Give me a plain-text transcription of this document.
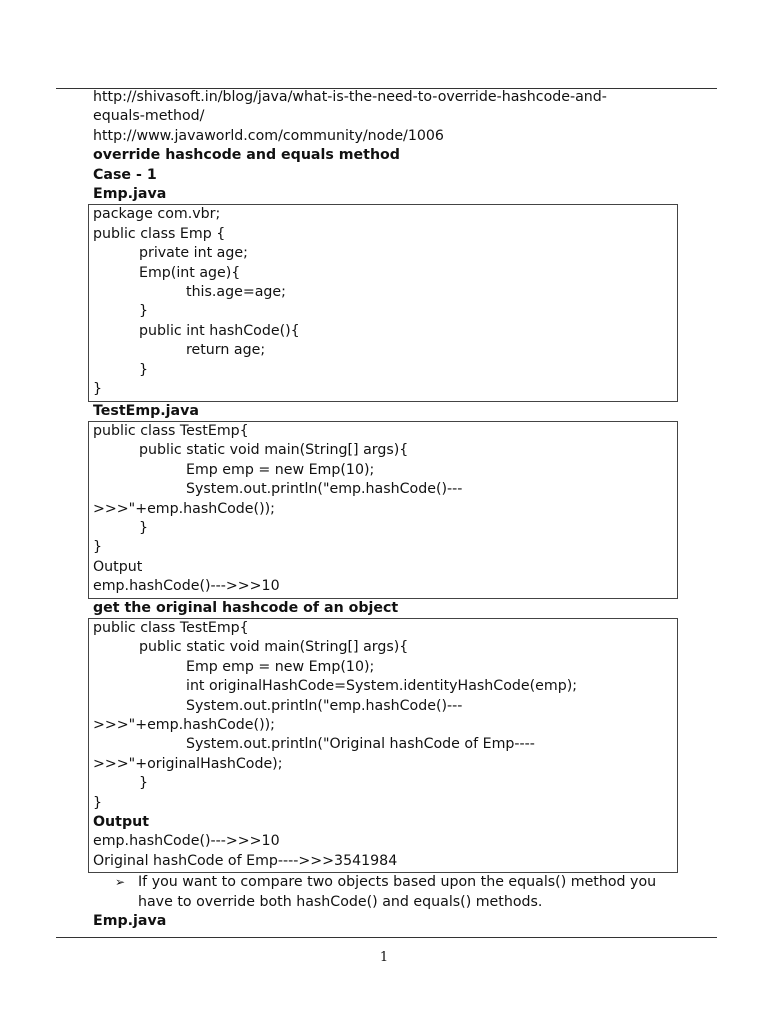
http://shivasoft.in/blog/java/what-is-the-need-to-override-hashcode-and-
equals-method/
http://www.javaworld.com/community/node/1006
override hashcode and equals method
Case - 1
Emp.java
package com.vbr;
public class Emp {
private int age;
Emp(int age){
this.age=age;
}
public int hashCode(){
return age;
}
}
TestEmp.java
public class TestEmp{
public static void main(String[] args){
Emp emp = new Emp(10);
System.out.println("emp.hashCode()---
>>>"+emp.hashCode());
}
}
Output
emp.hashCode()--->>>10
get the original hashcode of an object
public class TestEmp{
public static void main(String[] args){
Emp emp = new Emp(10);
int originalHashCode=System.identityHashCode(emp);
System.out.println("emp.hashCode()---
>>>"+emp.hashCode());
System.out.println("Original hashCode of Emp----
>>>"+originalHashCode);
}
}
Output
emp.hashCode()--->>>10
Original hashCode of Emp---->>>3541984
➢ If you want to compare two objects based upon the equals() method you have to override both hashCode() and equals() methods.
Emp.java
1
